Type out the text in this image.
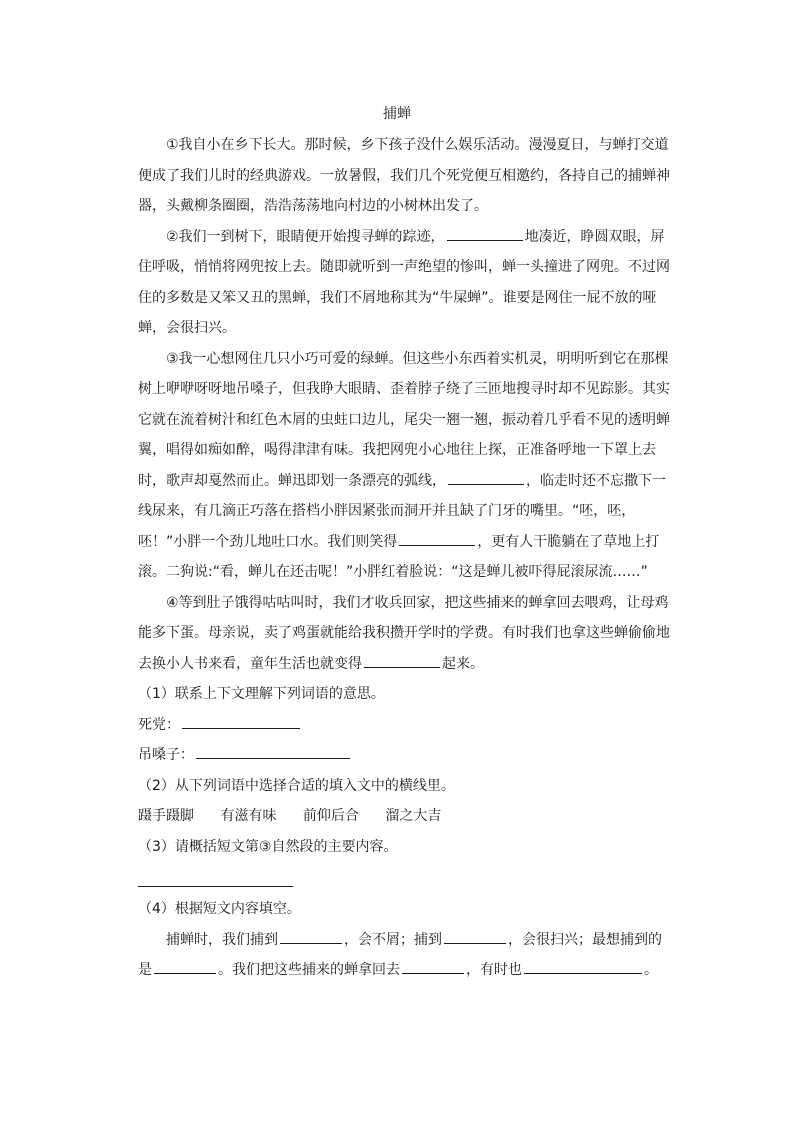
捕蝉

①我自小在乡下长大。那时候，乡下孩子没什么娱乐活动。漫漫夏日，与蝉打交道便成了我们儿时的经典游戏。一放暑假，我们几个死党便互相邀约，各持自己的捕蝉神器，头戴柳条圈圈，浩浩荡荡地向村边的小树林出发了。

②我们一到树下，眼睛便开始搜寻蝉的踪迹，	地凑近，睁圆双眼，屏住呼吸，悄悄将网兜按上去。随即就听到一声绝望的惨叫，蝉一头撞进了网兜。不过网住的多数是又笨又丑的黑蝉，我们不屑地称其为“牛屎蝉”。谁要是网住一屁不放的哑蝉，会很扫兴。

③我一心想网住几只小巧可爱的绿蝉。但这些小东西着实机灵，明明听到它在那棵树上咿咿呀呀地吊嗓子，但我睁大眼睛、歪着脖子绕了三匝地搜寻时却不见踪影。其实它就在流着树汁和红色木屑的虫蛀口边儿，尾尖一翘一翘，振动着几乎看不见的透明蝉翼，唱得如痴如醉，喝得津津有味。我把网兜小心地往上探，正准备呼地一下罩上去时，歌声却戛然而止。蝉迅即划一条漂亮的弧线，	，临走时还不忘撒下一线尿来，有几滴正巧落在搭档小胖因紧张而洞开并且缺了门牙的嘴里。“呸，呸，呸！”小胖一个劲儿地吐口水。我们则笑得	，更有人干脆躺在了草地上打滚。二狗说:“看，蝉儿在还击呢！”小胖红着脸说：“这是蝉儿被吓得屁滚尿流……”

④等到肚子饿得咕咕叫时，我们才收兵回家，把这些捕来的蝉拿回去喂鸡，让母鸡能多下蛋。母亲说，卖了鸡蛋就能给我积攒开学时的学费。有时我们也拿这些蝉偷偷地去换小人书来看，童年生活也就变得	起来。

（1）联系上下文理解下列词语的意思。

死党：

吊嗓子：

（2）从下列词语中选择合适的填入文中的横线里。

蹑手蹑脚 有滋有味 前仰后合 溜之大吉

（3）请概括短文第③自然段的主要内容。

（4）根据短文内容填空。

捕蝉时，我们捕到	，会不屑；捕到	，会很扫兴；最想捕到的是	。我们把这些捕来的蝉拿回去	，有时也	。
